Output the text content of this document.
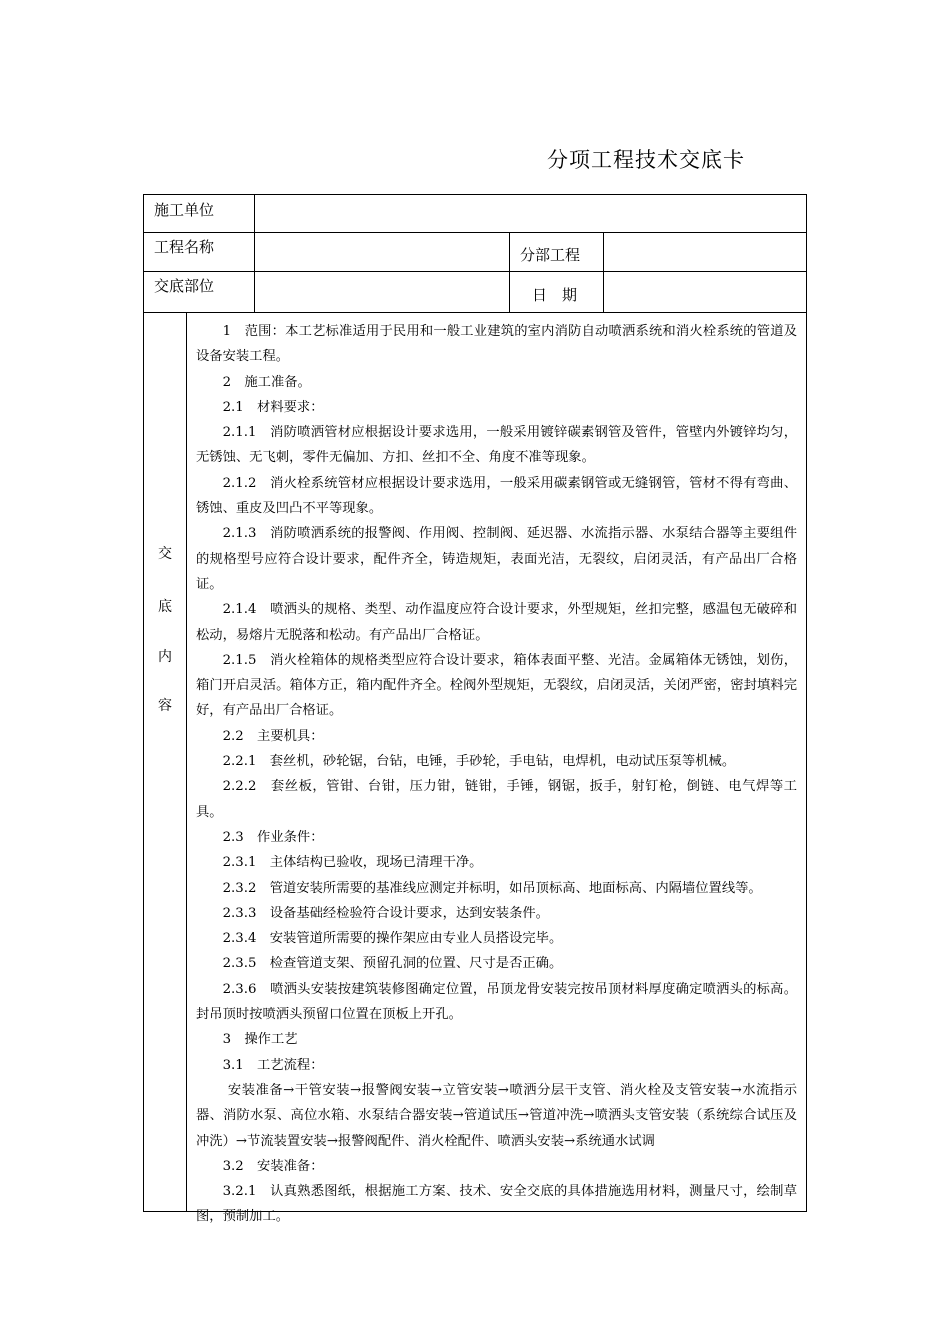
分项工程技术交底卡
施工单位
工程名称	分部工程
交底部位	日　期
交
底
内
容

1　范围：本工艺标准适用于民用和一般工业建筑的室内消防自动喷洒系统和消火栓系统的管道及设备安装工程。

2　施工准备。

2.1　材料要求：

2.1.1　消防喷洒管材应根据设计要求选用，一般采用镀锌碳素钢管及管件，管壁内外镀锌均匀，无锈蚀、无飞刺，零件无偏加、方扣、丝扣不全、角度不准等现象。

2.1.2　消火栓系统管材应根据设计要求选用，一般采用碳素钢管或无缝钢管，管材不得有弯曲、锈蚀、重皮及凹凸不平等现象。

2.1.3　消防喷洒系统的报警阀、作用阀、控制阀、延迟器、水流指示器、水泵结合器等主要组件的规格型号应符合设计要求，配件齐全，铸造规矩，表面光洁，无裂纹，启闭灵活，有产品出厂合格证。

2.1.4　喷洒头的规格、类型、动作温度应符合设计要求，外型规矩，丝扣完整，感温包无破碎和松动，易熔片无脱落和松动。有产品出厂合格证。

2.1.5　消火栓箱体的规格类型应符合设计要求，箱体表面平整、光洁。金属箱体无锈蚀，划伤，箱门开启灵活。箱体方正，箱内配件齐全。栓阀外型规矩，无裂纹，启闭灵活，关闭严密，密封填料完好，有产品出厂合格证。

2.2　主要机具：

2.2.1　套丝机，砂轮锯，台钻，电锤，手砂轮，手电钻，电焊机，电动试压泵等机械。

2.2.2　套丝板，管钳、台钳，压力钳，链钳，手锤，钢锯，扳手，射钉枪，倒链、电气焊等工具。

2.3　作业条件：

2.3.1　主体结构已验收，现场已清理干净。

2.3.2　管道安装所需要的基准线应测定并标明，如吊顶标高、地面标高、内隔墙位置线等。

2.3.3　设备基础经检验符合设计要求，达到安装条件。

2.3.4　安装管道所需要的操作架应由专业人员搭设完毕。

2.3.5　检查管道支架、预留孔洞的位置、尺寸是否正确。

2.3.6　喷洒头安装按建筑装修图确定位置，吊顶龙骨安装完按吊顶材料厚度确定喷洒头的标高。封吊顶时按喷洒头预留口位置在顶板上开孔。

3　操作工艺

3.1　工艺流程：

安装准备→干管安装→报警阀安装→立管安装→喷洒分层干支管、消火栓及支管安装→水流指示器、消防水泵、高位水箱、水泵结合器安装→管道试压→管道冲洗→喷洒头支管安装（系统综合试压及冲洗）→节流装置安装→报警阀配件、消火栓配件、喷洒头安装→系统通水试调

3.2　安装准备：

3.2.1　认真熟悉图纸，根据施工方案、技术、安全交底的具体措施选用材料，测量尺寸，绘制草图，预制加工。
